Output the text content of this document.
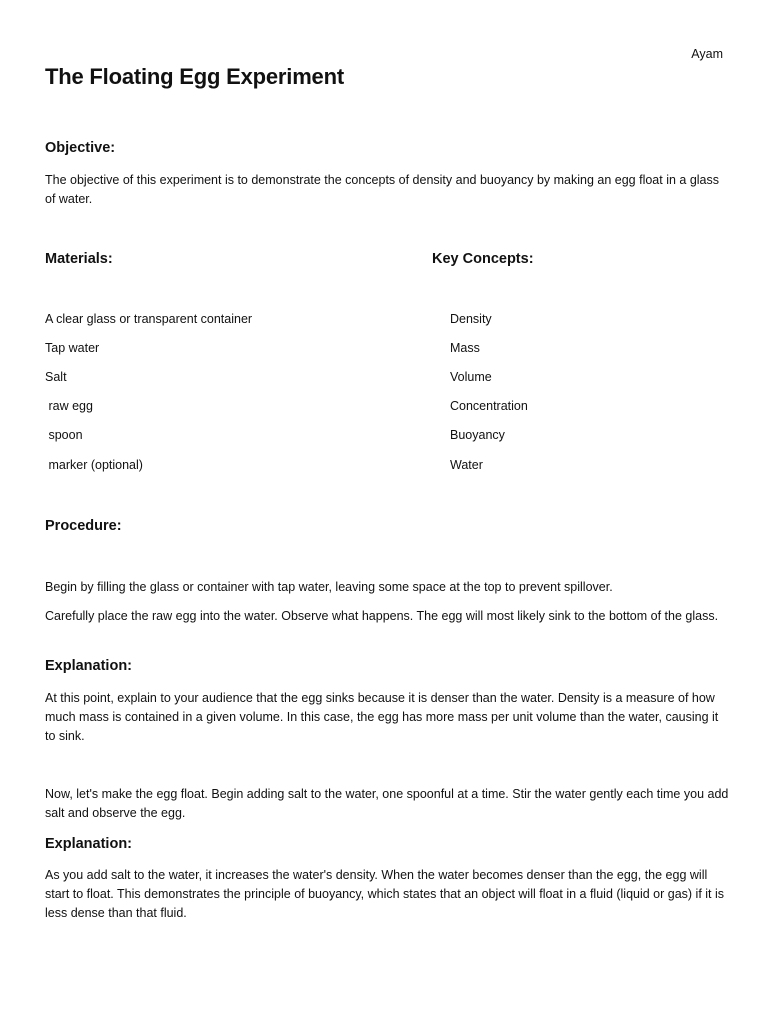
Ayam
The Floating Egg Experiment
Objective:
The objective of this experiment is to demonstrate the concepts of density and buoyancy by making an egg float in a glass of water.
Materials:	Key Concepts:
A clear glass or transparent container
Tap water
Salt
raw egg
spoon
marker (optional)
Density
Mass
Volume
Concentration
Buoyancy
Water
Procedure:
Begin by filling the glass or container with tap water, leaving some space at the top to prevent spillover.
Carefully place the raw egg into the water. Observe what happens. The egg will most likely sink to the bottom of the glass.
Explanation:
At this point, explain to your audience that the egg sinks because it is denser than the water. Density is a measure of how much mass is contained in a given volume. In this case, the egg has more mass per unit volume than the water, causing it to sink.
Now, let's make the egg float. Begin adding salt to the water, one spoonful at a time. Stir the water gently each time you add salt and observe the egg.
Explanation:
As you add salt to the water, it increases the water's density. When the water becomes denser than the egg, the egg will start to float. This demonstrates the principle of buoyancy, which states that an object will float in a fluid (liquid or gas) if it is less dense than that fluid.
